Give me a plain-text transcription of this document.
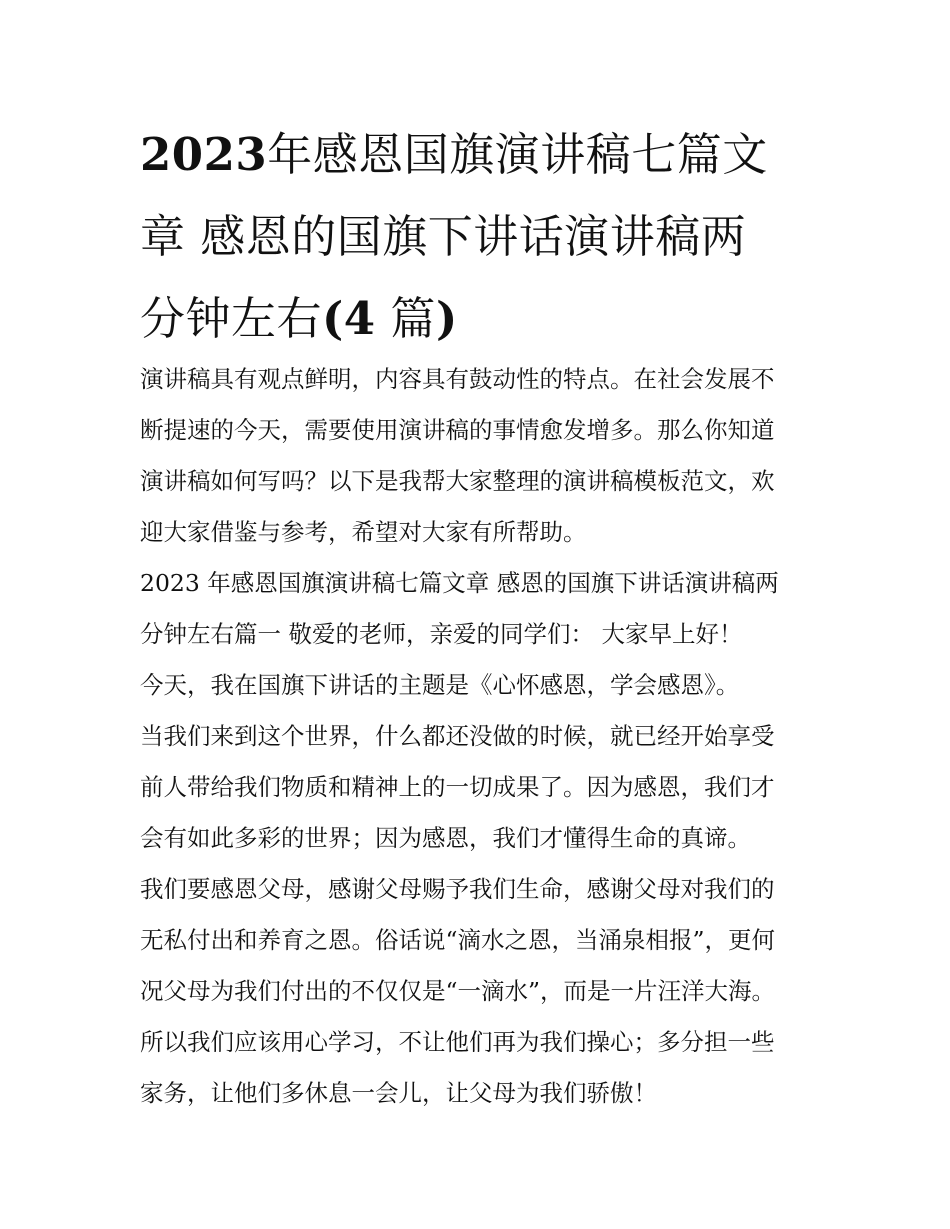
2023年感恩国旗演讲稿七篇文
章 感恩的国旗下讲话演讲稿两
分钟左右(4 篇)
演讲稿具有观点鲜明，内容具有鼓动性的特点。在社会发展不
断提速的今天，需要使用演讲稿的事情愈发增多。那么你知道
演讲稿如何写吗？以下是我帮大家整理的演讲稿模板范文，欢
迎大家借鉴与参考，希望对大家有所帮助。
2023 年感恩国旗演讲稿七篇文章 感恩的国旗下讲话演讲稿两
分钟左右篇一 敬爱的老师，亲爱的同学们： 大家早上好！
今天，我在国旗下讲话的主题是《心怀感恩，学会感恩》。
当我们来到这个世界，什么都还没做的时候，就已经开始享受
前人带给我们物质和精神上的一切成果了。因为感恩，我们才
会有如此多彩的世界；因为感恩，我们才懂得生命的真谛。
我们要感恩父母，感谢父母赐予我们生命，感谢父母对我们的
无私付出和养育之恩。俗话说“滴水之恩，当涌泉相报”，更何
况父母为我们付出的不仅仅是“一滴水”，而是一片汪洋大海。
所以我们应该用心学习，不让他们再为我们操心；多分担一些
家务，让他们多休息一会儿，让父母为我们骄傲！
